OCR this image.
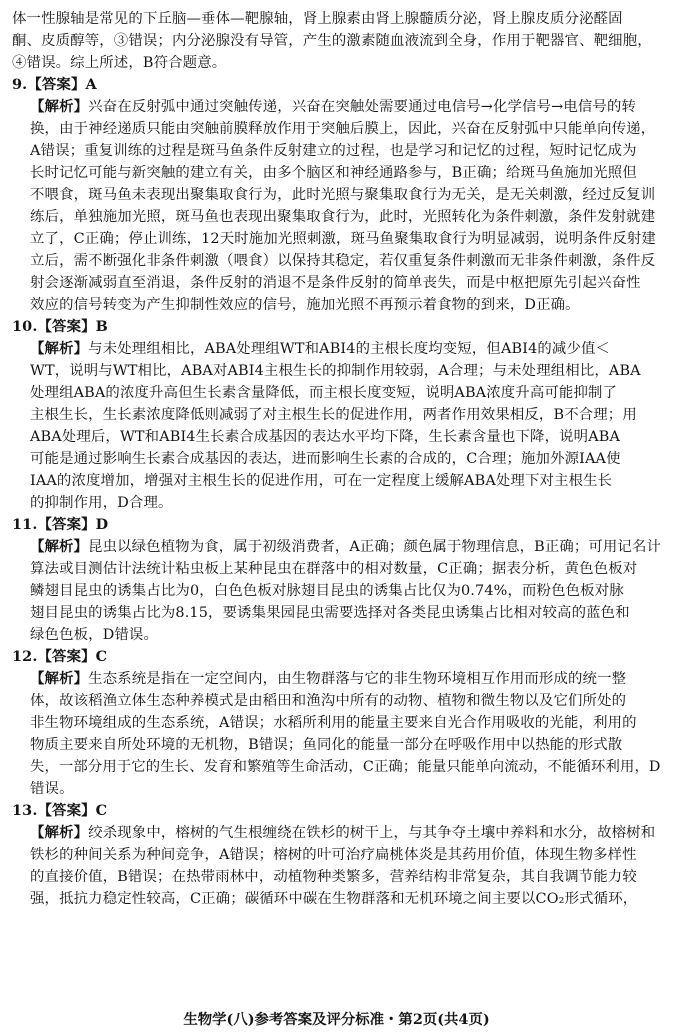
体一性腺轴是常见的下丘脑—垂体—靶腺轴，肾上腺素由肾上腺髓质分泌，肾上腺皮质分泌醛固
酮、皮质醇等，③错误；内分泌腺没有导管，产生的激素随血液流到全身，作用于靶器官、靶细胞，
④错误。综上所述，B符合题意。
9.【答案】A
【解析】兴奋在反射弧中通过突触传递，兴奋在突触处需要通过电信号→化学信号→电信号的转
换，由于神经递质只能由突触前膜释放作用于突触后膜上，因此，兴奋在反射弧中只能单向传递，
A错误；重复训练的过程是斑马鱼条件反射建立的过程，也是学习和记忆的过程，短时记忆成为
长时记忆可能与新突触的建立有关，由多个脑区和神经通路参与，B正确；给斑马鱼施加光照但
不喂食，斑马鱼未表现出聚集取食行为，此时光照与聚集取食行为无关，是无关刺激，经过反复训
练后，单独施加光照，斑马鱼也表现出聚集取食行为，此时，光照转化为条件刺激，条件发射就建
立了，C正确；停止训练，12天时施加光照刺激，斑马鱼聚集取食行为明显减弱，说明条件反射建
立后，需不断强化非条件刺激（喂食）以保持其稳定，若仅重复条件刺激而无非条件刺激，条件反
射会逐渐减弱直至消退，条件反射的消退不是条件反射的简单丧失，而是中枢把原先引起兴奋性
效应的信号转变为产生抑制性效应的信号，施加光照不再预示着食物的到来，D正确。
10.【答案】B
【解析】与未处理组相比，ABA处理组WT和ABI4的主根长度均变短，但ABI4的减少值＜
WT，说明与WT相比，ABA对ABI4主根生长的抑制作用较弱，A合理；与未处理组相比，ABA
处理组ABA的浓度升高但生长素含量降低，而主根长度变短，说明ABA浓度升高可能抑制了
主根生长，生长素浓度降低则减弱了对主根生长的促进作用，两者作用效果相反，B不合理；用
ABA处理后，WT和ABI4生长素合成基因的表达水平均下降，生长素含量也下降，说明ABA
可能是通过影响生长素合成基因的表达，进而影响生长素的合成的，C合理；施加外源IAA使
IAA的浓度增加，增强对主根生长的促进作用，可在一定程度上缓解ABA处理下对主根生长
的抑制作用，D合理。
11.【答案】D
【解析】昆虫以绿色植物为食，属于初级消费者，A正确；颜色属于物理信息，B正确；可用记名计
算法或目测估计法统计粘虫板上某种昆虫在群落中的相对数量，C正确；据表分析，黄色色板对
鳞翅目昆虫的诱集占比为0，白色色板对脉翅目昆虫的诱集占比仅为0.74%，而粉色色板对脉
翅目昆虫的诱集占比为8.15，要诱集果园昆虫需要选择对各类昆虫诱集占比相对较高的蓝色和
绿色色板，D错误。
12.【答案】C
【解析】生态系统是指在一定空间内，由生物群落与它的非生物环境相互作用而形成的统一整
体，故该稻渔立体生态种养模式是由稻田和渔沟中所有的动物、植物和微生物以及它们所处的
非生物环境组成的生态系统，A错误；水稻所利用的能量主要来自光合作用吸收的光能，利用的
物质主要来自所处环境的无机物，B错误；鱼同化的能量一部分在呼吸作用中以热能的形式散
失，一部分用于它的生长、发育和繁殖等生命活动，C正确；能量只能单向流动，不能循环利用，D
错误。
13.【答案】C
【解析】绞杀现象中，榕树的气生根缠绕在铁杉的树干上，与其争夺土壤中养料和水分，故榕树和
铁杉的种间关系为种间竞争，A错误；榕树的叶可治疗扁桃体炎是其药用价值，体现生物多样性
的直接价值，B错误；在热带雨林中，动植物种类繁多，营养结构非常复杂，其自我调节能力较
强，抵抗力稳定性较高，C正确；碳循环中碳在生物群落和无机环境之间主要以CO₂形式循环，
生物学(八)参考答案及评分标准・第2页(共4页)
